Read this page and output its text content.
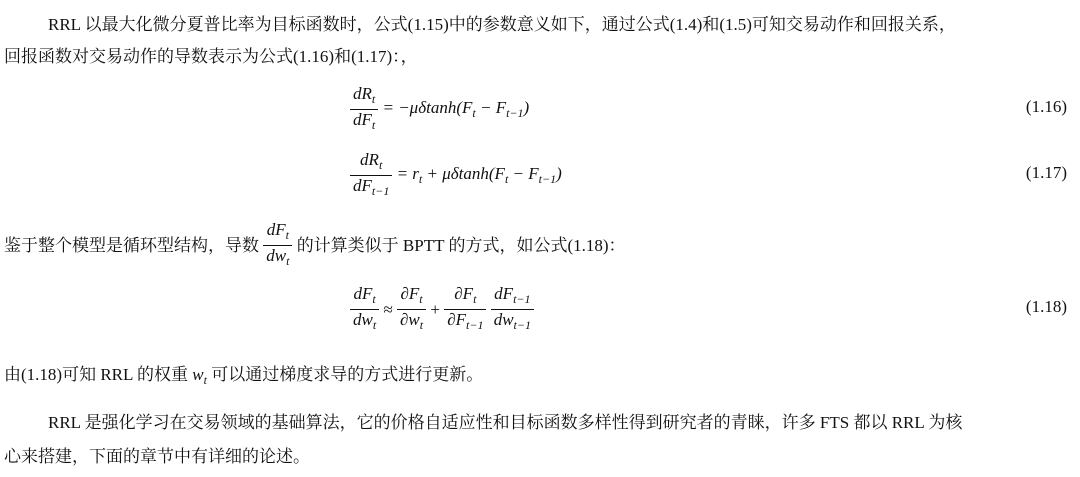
RRL 以最大化微分夏普比率为目标函数时，公式(1.15)中的参数意义如下，通过公式(1.4)和(1.5)可知交易动作和回报关系，
回报函数对交易动作的导数表示为公式(1.16)和(1.17)：，
$\frac{dR_t}{dF_t} = -\mu\delta\tanh(F_t - F_{t-1})$	(1.16)
$\frac{dR_t}{dF_{t-1}} = r_t + \mu\delta\tanh(F_t - F_{t-1})$	(1.17)
鉴于整个模型是循环型结构，导数 $\frac{dF_t}{dw_t}$ 的计算类似于 BPTT 的方式，如公式(1.18)：
$\frac{dF_t}{dw_t} \approx \frac{\partial F_t}{\partial w_t} + \frac{\partial F_t}{\partial F_{t-1}}$
$\frac{dF_{t-1}}{dw_{t-1}}$	(1.18)
由(1.18)可知 RRL 的权重 $w_t$ 可以通过梯度求导的方式进行更新。
RRL 是强化学习在交易领域的基础算法，它的价格自适应性和目标函数多样性得到研究者的青睐，许多 FTS 都以 RRL 为核
心来搭建，下面的章节中有详细的论述。
